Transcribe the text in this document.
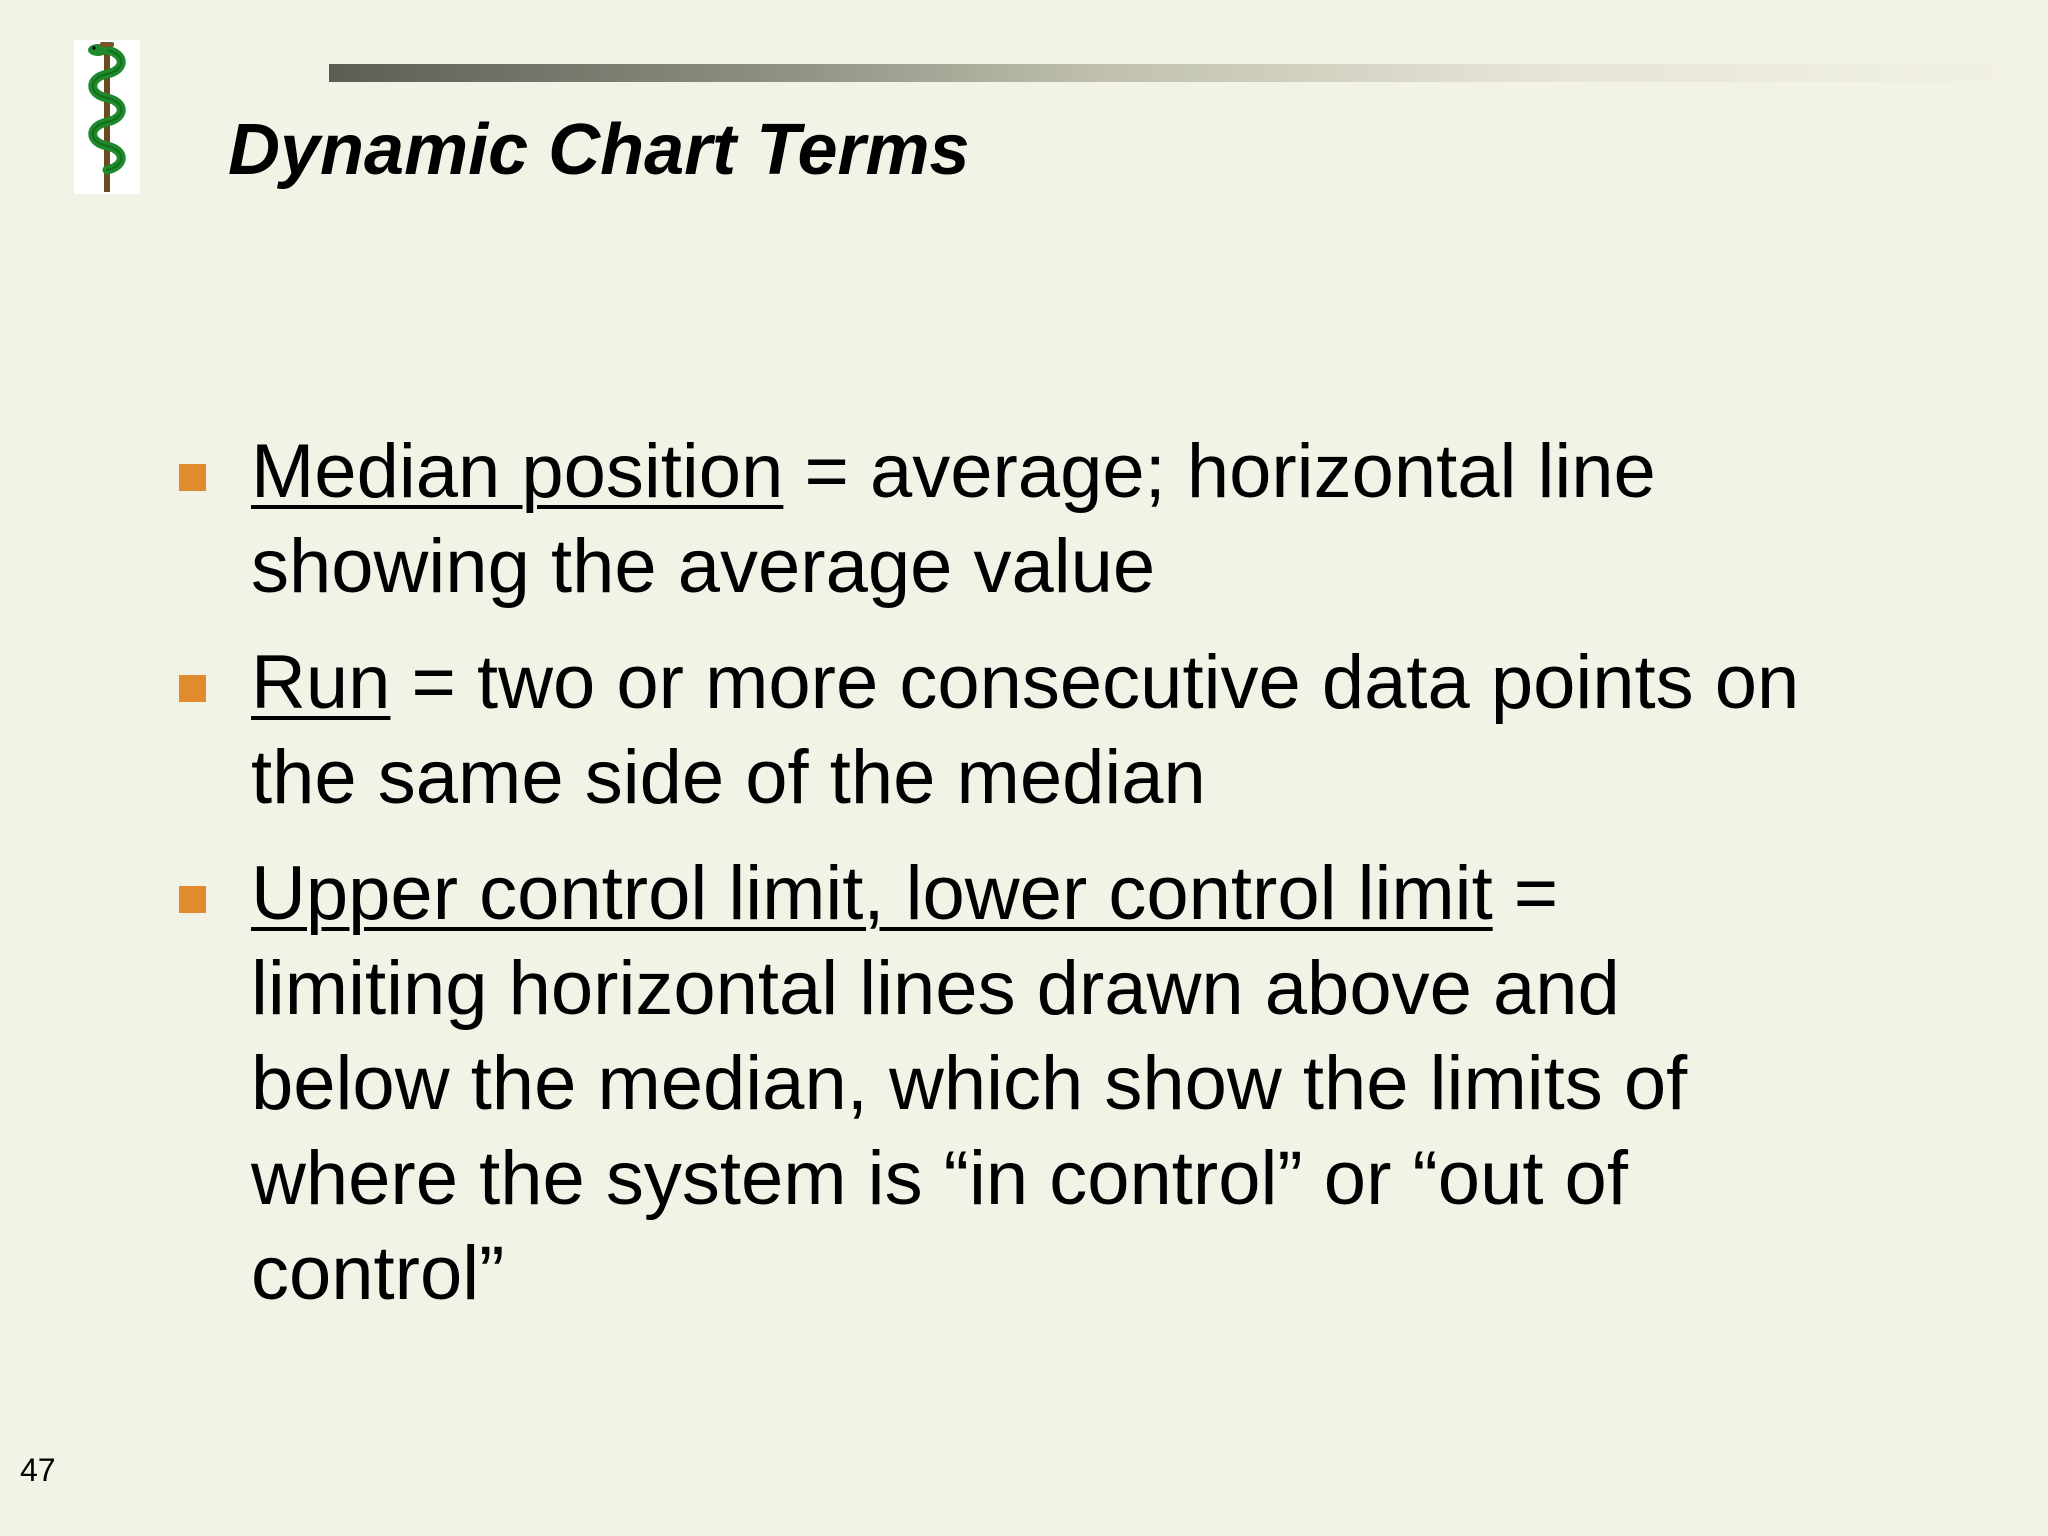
Dynamic Chart Terms

Median position = average; horizontal line showing the average value

Run = two or more consecutive data points on the same side of the median

Upper control limit, lower control limit = limiting horizontal lines drawn above and below the median, which show the limits of where the system is “in control” or “out of control”

47
